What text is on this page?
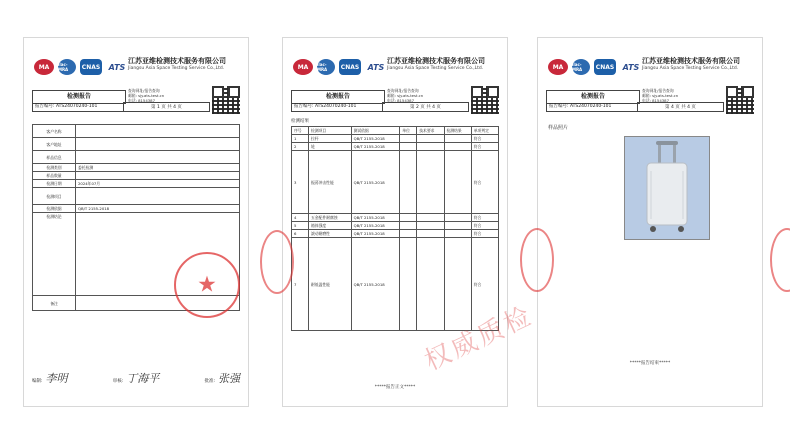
MA	ilac-MRA	CNAS	ATS
江苏亚维检测技术服务有限公司
Jiangsu Asia Space Testing Service Co.,Ltd.
检测报告
报告编号: ATS24070240-101	第 1 页 共 4 页
查询网址/报告查询
邮箱: sjy.ats-test.cn
电话: 8154387
客户名称	
客户地址	
样品信息	
检测类别	委托检测
样品数量	
检测日期	2024年07月
检测项目	
检测依据	QB/T 2155-2018
检测结论	
备注	
★
编制: 李明	审核: 丁海平	批准: 张强
MA	ilac-MRA	CNAS	ATS
江苏亚维检测技术服务有限公司
Jiangsu Asia Space Testing Service Co.,Ltd.
检测报告
报告编号: ATS24070240-101	第 2 页 共 4 页
查询网址/报告查询
邮箱: sjy.ats-test.cn
电话: 8154387
检测结果
序号	检测项目	测试依据	单位	技术要求	检测结果	单项判定
1	拉杆	QB/T 2155-2018				符合
2	轮	QB/T 2155-2018				符合
3	振荡冲击性能	QB/T 2155-2018				符合
4	五金配件耐腐蚀	QB/T 2155-2018				符合
5	箱体强度	QB/T 2155-2018				符合
6	滚动耐磨性	QB/T 2155-2018				符合
7	耐低温性能	QB/T 2155-2018				符合
*****报告正文*****
MA	ilac-MRA	CNAS	ATS
江苏亚维检测技术服务有限公司
Jiangsu Asia Space Testing Service Co.,Ltd.
检测报告
报告编号: ATS24070240-101	第 4 页 共 4 页
查询网址/报告查询
邮箱: sjy.ats-test.cn
电话: 8154387
样品照片
*****报告结束*****
权威质检
